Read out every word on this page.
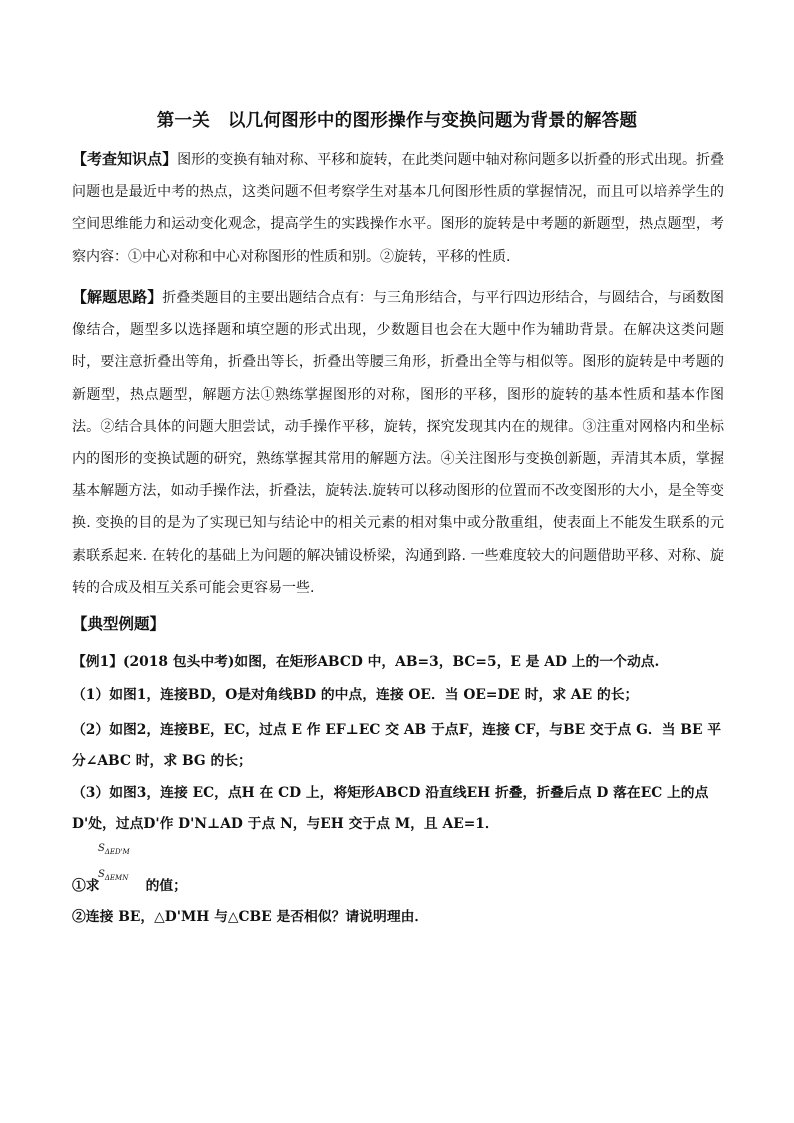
第一关　以几何图形中的图形操作与变换问题为背景的解答题
【考查知识点】图形的变换有轴对称、平移和旋转，在此类问题中轴对称问题多以折叠的形式出现。折叠问题也是最近中考的热点，这类问题不但考察学生对基本几何图形性质的掌握情况，而且可以培养学生的空间思维能力和运动变化观念，提高学生的实践操作水平。图形的旋转是中考题的新题型，热点题型，考察内容：①中心对称和中心对称图形的性质和别。②旋转，平移的性质.
【解题思路】折叠类题目的主要出题结合点有：与三角形结合，与平行四边形结合，与圆结合，与函数图像结合，题型多以选择题和填空题的形式出现，少数题目也会在大题中作为辅助背景。在解决这类问题时，要注意折叠出等角，折叠出等长，折叠出等腰三角形，折叠出全等与相似等。图形的旋转是中考题的新题型，热点题型，解题方法①熟练掌握图形的对称，图形的平移，图形的旋转的基本性质和基本作图法。②结合具体的问题大胆尝试，动手操作平移，旋转，探究发现其内在的规律。③注重对网格内和坐标内的图形的变换试题的研究，熟练掌握其常用的解题方法。④关注图形与变换创新题，弄清其本质，掌握基本解题方法，如动手操作法，折叠法，旋转法.旋转可以移动图形的位置而不改变图形的大小，是全等变换. 变换的目的是为了实现已知与结论中的相关元素的相对集中或分散重组，使表面上不能发生联系的元素联系起来. 在转化的基础上为问题的解决铺设桥梁，沟通到路. 一些难度较大的问题借助平移、对称、旋转的合成及相互关系可能会更容易一些.
【典型例题】
【例1】(2018 包头中考)如图，在矩形ABCD 中，AB=3，BC=5，E 是 AD 上的一个动点.
（1）如图1，连接BD，O是对角线BD 的中点，连接 OE．当 OE=DE 时，求 AE 的长；
（2）如图2，连接BE，EC，过点 E 作 EF⊥EC 交 AB 于点F，连接 CF，与BE 交于点 G．当 BE 平分∠ABC 时，求 BG 的长；
（3）如图3，连接 EC，点H 在 CD 上，将矩形ABCD 沿直线EH 折叠，折叠后点 D 落在EC 上的点 D'处，过点D'作 D'N⊥AD 于点 N，与EH 交于点 M，且 AE=1．
$S_{\Delta ED'M}$
$S_{\Delta EMN}$
①求	的值；
②连接 BE，△D'MH 与△CBE 是否相似？请说明理由．
